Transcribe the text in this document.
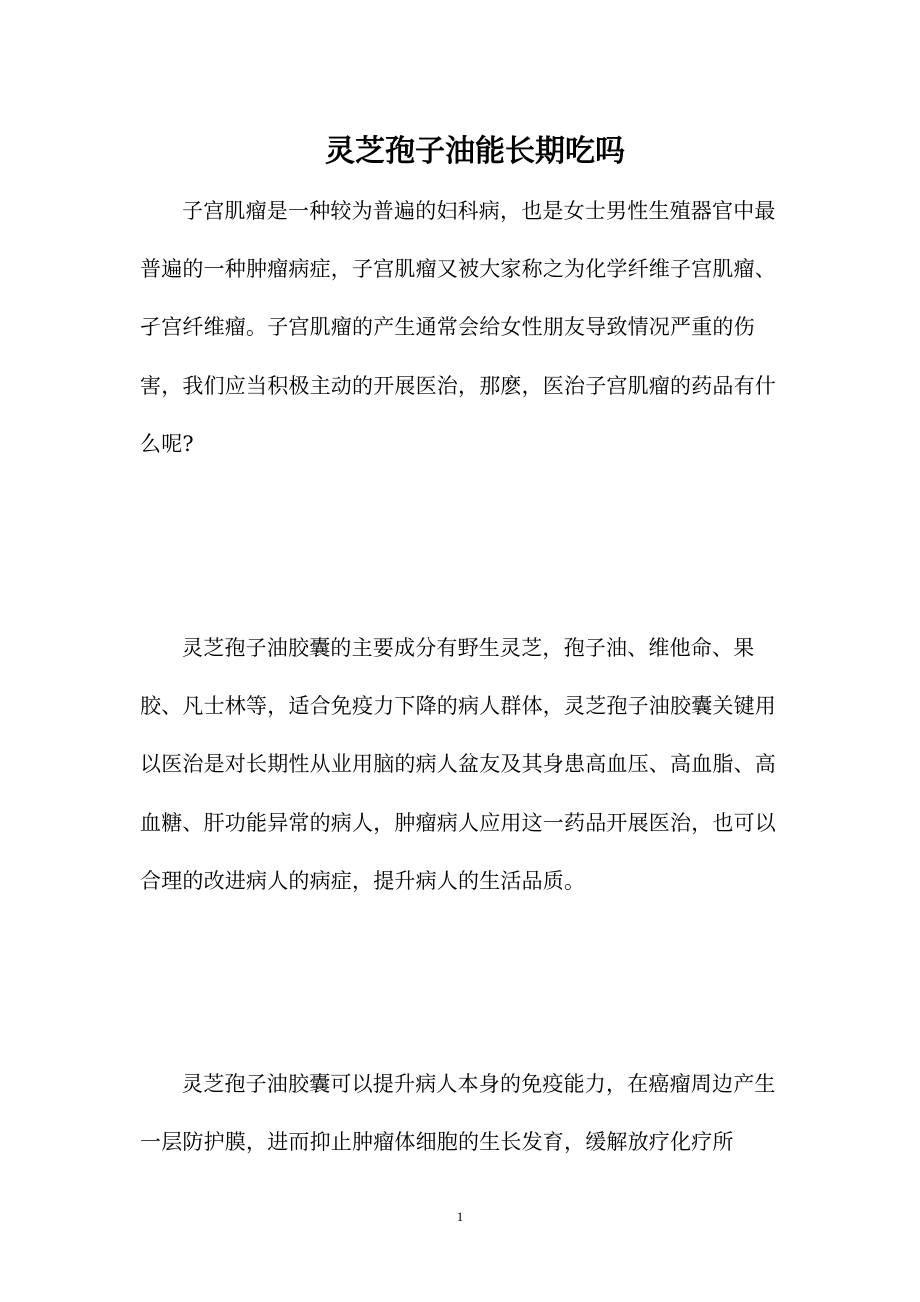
灵芝孢子油能长期吃吗

子宫肌瘤是一种较为普遍的妇科病，也是女士男性生殖器官中最普遍的一种肿瘤病症，子宫肌瘤又被大家称之为化学纤维子宫肌瘤、孑宫纤维瘤。子宫肌瘤的产生通常会给女性朋友导致情况严重的伤害，我们应当积极主动的开展医治，那麽，医治子宫肌瘤的药品有什么呢?

灵芝孢子油胶囊的主要成分有野生灵芝，孢子油、维他命、果胶、凡士林等，适合免疫力下降的病人群体，灵芝孢子油胶囊关键用以医治是对长期性从业用脑的病人盆友及其身患高血压、高血脂、高血糖、肝功能异常的病人，肿瘤病人应用这一药品开展医治，也可以合理的改进病人的病症，提升病人的生活品质。

灵芝孢子油胶囊可以提升病人本身的免疫能力，在癌瘤周边产生一层防护膜，进而抑止肿瘤体细胞的生长发育，缓解放疗化疗所

1
